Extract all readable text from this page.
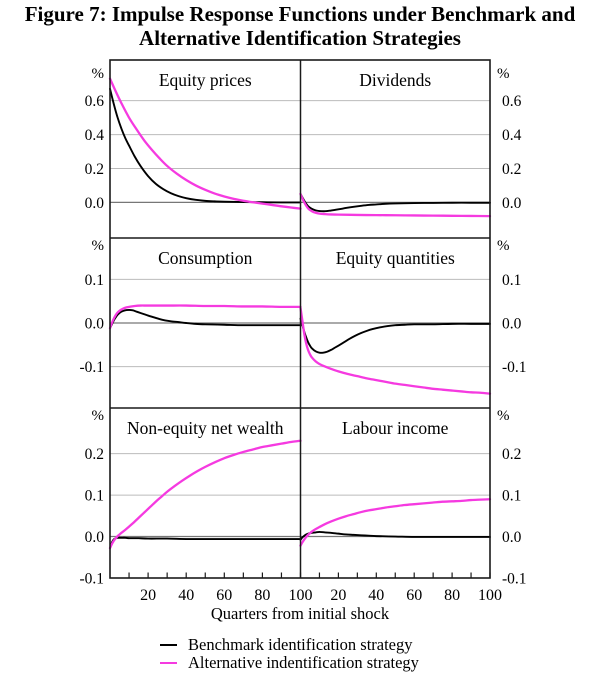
Figure 7: Impulse Response Functions under Benchmark and
Alternative Identification Strategies
0.6	0.6
0.4	0.4
0.2	0.2
0.0	0.0
%	%
0.1	0.1
0.0	0.0
-0.1	-0.1
%	%
0.2	0.2
0.1	0.1
0.0	0.0
-0.1	-0.1
%	%
20 40 60 80 100 20 40 60 80 100
Equity prices	Dividends
Consumption	Equity quantities
Non-equity net wealth	Labour income
Quarters from initial shock
Benchmark identification strategy
Alternative indentification strategy
